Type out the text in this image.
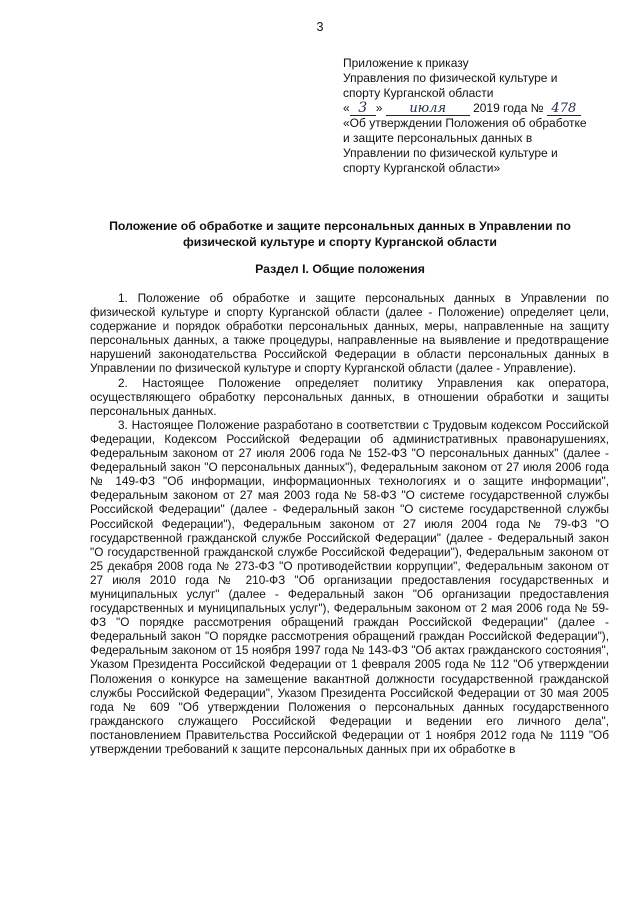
3
Приложение к приказу
Управления по физической культуре и
спорту Курганской области
« 3 » июля 2019 года № 478
«Об утверждении Положения об обработке
и защите персональных данных в
Управлении по физической культуре и
спорту Курганской области»
Положение об обработке и защите персональных данных в Управлении по
физической культуре и спорту Курганской области
Раздел I. Общие положения

1. Положение об обработке и защите персональных данных в Управлении по физической культуре и спорту Курганской области (далее - Положение) определяет цели, содержание и порядок обработки персональных данных, меры, направленные на защиту персональных данных, а также процедуры, направленные на выявление и предотвращение нарушений законодательства Российской Федерации в области персональных данных в Управлении по физической культуре и спорту Курганской области (далее - Управление).

2. Настоящее Положение определяет политику Управления как оператора, осуществляющего обработку персональных данных, в отношении обработки и защиты персональных данных.

3. Настоящее Положение разработано в соответствии с Трудовым кодексом Российской Федерации, Кодексом Российской Федерации об административных правонарушениях, Федеральным законом от 27 июля 2006 года № 152-ФЗ "О персональных данных" (далее - Федеральный закон "О персональных данных"), Федеральным законом от 27 июля 2006 года № 149-ФЗ "Об информации, информационных технологиях и о защите информации", Федеральным законом от 27 мая 2003 года № 58-ФЗ "О системе государственной службы Российской Федерации" (далее - Федеральный закон "О системе государственной службы Российской Федерации"), Федеральным законом от 27 июля 2004 года № 79-ФЗ "О государственной гражданской службе Российской Федерации" (далее - Федеральный закон "О государственной гражданской службе Российской Федерации"), Федеральным законом от 25 декабря 2008 года № 273-ФЗ "О противодействии коррупции", Федеральным законом от 27 июля 2010 года № 210-ФЗ "Об организации предоставления государственных и муниципальных услуг" (далее - Федеральный закон "Об организации предоставления государственных и муниципальных услуг"), Федеральным законом от 2 мая 2006 года № 59-ФЗ "О порядке рассмотрения обращений граждан Российской Федерации" (далее - Федеральный закон "О порядке рассмотрения обращений граждан Российской Федерации"), Федеральным законом от 15 ноября 1997 года № 143-ФЗ "Об актах гражданского состояния", Указом Президента Российской Федерации от 1 февраля 2005 года № 112 "Об утверждении Положения о конкурсе на замещение вакантной должности государственной гражданской службы Российской Федерации", Указом Президента Российской Федерации от 30 мая 2005 года № 609 "Об утверждении Положения о персональных данных государственного гражданского служащего Российской Федерации и ведении его личного дела", постановлением Правительства Российской Федерации от 1 ноября 2012 года № 1119 "Об утверждении требований к защите персональных данных при их обработке в
